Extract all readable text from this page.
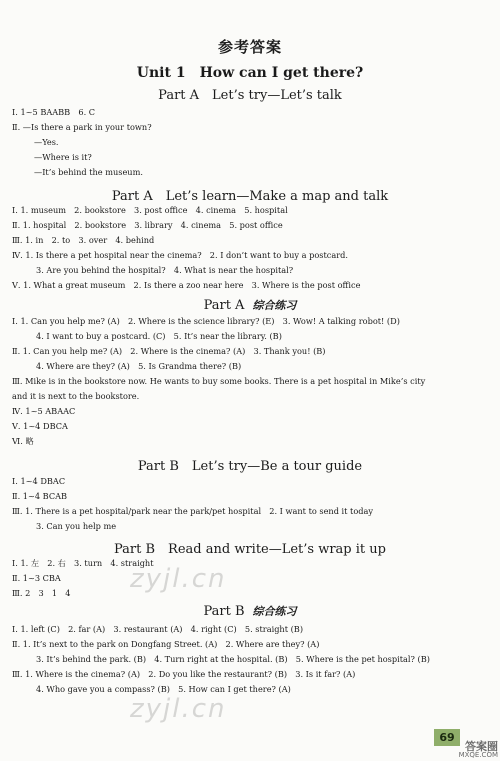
参考答案
Unit 1　How can I get there?
Part A　Let’s try—Let’s talk
Ⅰ. 1~5 BAABB　6. C
Ⅱ. —Is there a park in your town?
—Yes.
—Where is it?
—It’s behind the museum.
Part A　Let’s learn—Make a map and talk
Ⅰ. 1. museum　2. bookstore　3. post office　4. cinema　5. hospital
Ⅱ. 1. hospital　2. bookstore　3. library　4. cinema　5. post office
Ⅲ. 1. in　2. to　3. over　4. behind
Ⅳ. 1. Is there a pet hospital near the cinema?　2. I don’t want to buy a postcard.
3. Are you behind the hospital?　4. What is near the hospital?
Ⅴ. 1. What a great museum　2. Is there a zoo near here　3. Where is the post office
Part A 综合练习
Ⅰ. 1. Can you help me? (A)　2. Where is the science library? (E)　3. Wow! A talking robot! (D)
4. I want to buy a postcard. (C)　5. It’s near the library. (B)
Ⅱ. 1. Can you help me? (A)　2. Where is the cinema? (A)　3. Thank you! (B)
4. Where are they? (A)　5. Is Grandma there? (B)
Ⅲ. Mike is in the bookstore now. He wants to buy some books. There is a pet hospital in Mike’s city
and it is next to the bookstore.
Ⅳ. 1~5 ABAAC
Ⅴ. 1~4 DBCA
Ⅵ. 略
Part B　Let’s try—Be a tour guide
Ⅰ. 1~4 DBAC
Ⅱ. 1~4 BCAB
Ⅲ. 1. There is a pet hospital/park near the park/pet hospital　2. I want to send it today
3. Can you help me
Part B　Read and write—Let’s wrap it up
Ⅰ. 1. 左　2. 右　3. turn　4. straight
Ⅱ. 1~3 CBA
Ⅲ. 2　3　1　4
Part B 综合练习
Ⅰ. 1. left (C)　2. far (A)　3. restaurant (A)　4. right (C)　5. straight (B)
Ⅱ. 1. It’s next to the park on Dongfang Street. (A)　2. Where are they? (A)
3. It’s behind the park. (B)　4. Turn right at the hospital. (B)　5. Where is the pet hospital? (B)
Ⅲ. 1. Where is the cinema? (A)　2. Do you like the restaurant? (B)　3. Is it far? (A)
4. Who gave you a compass? (B)　5. How can I get there? (A)
zyjl.cn
zyjl.cn
69
答案圈
MXQE.COM
